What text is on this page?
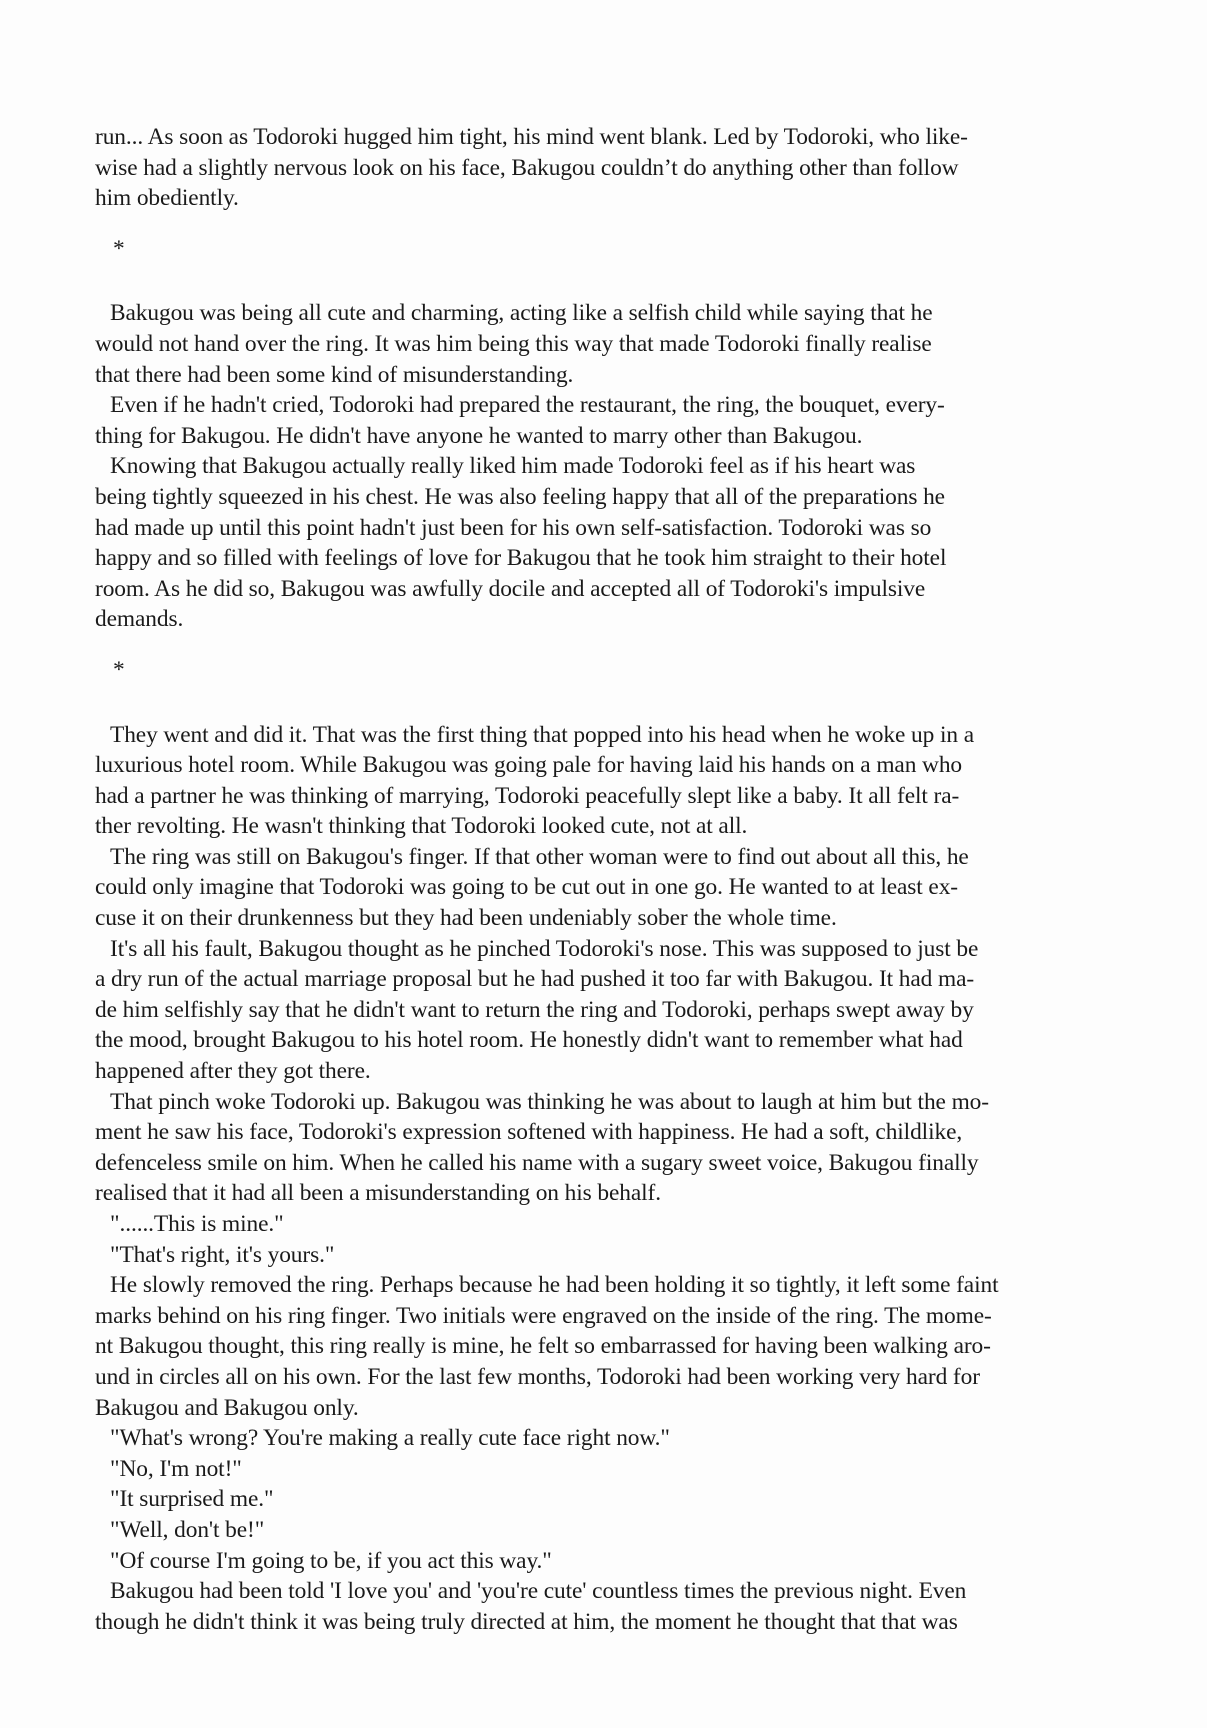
run... As soon as Todoroki hugged him tight, his mind went blank. Led by Todoroki, who like-
wise had a slightly nervous look on his face, Bakugou couldn’t do anything other than follow
him obediently.
*
Bakugou was being all cute and charming, acting like a selfish child while saying that he
would not hand over the ring. It was him being this way that made Todoroki finally realise
that there had been some kind of misunderstanding.
Even if he hadn't cried, Todoroki had prepared the restaurant, the ring, the bouquet, every-
thing for Bakugou. He didn't have anyone he wanted to marry other than Bakugou.
Knowing that Bakugou actually really liked him made Todoroki feel as if his heart was
being tightly squeezed in his chest. He was also feeling happy that all of the preparations he
had made up until this point hadn't just been for his own self-satisfaction. Todoroki was so
happy and so filled with feelings of love for Bakugou that he took him straight to their hotel
room. As he did so, Bakugou was awfully docile and accepted all of Todoroki's impulsive
demands.
*
They went and did it. That was the first thing that popped into his head when he woke up in a
luxurious hotel room. While Bakugou was going pale for having laid his hands on a man who
had a partner he was thinking of marrying, Todoroki peacefully slept like a baby. It all felt ra-
ther revolting. He wasn't thinking that Todoroki looked cute, not at all.
The ring was still on Bakugou's finger. If that other woman were to find out about all this, he
could only imagine that Todoroki was going to be cut out in one go. He wanted to at least ex-
cuse it on their drunkenness but they had been undeniably sober the whole time.
It's all his fault, Bakugou thought as he pinched Todoroki's nose. This was supposed to just be
a dry run of the actual marriage proposal but he had pushed it too far with Bakugou. It had ma-
de him selfishly say that he didn't want to return the ring and Todoroki, perhaps swept away by
the mood, brought Bakugou to his hotel room. He honestly didn't want to remember what had
happened after they got there.
That pinch woke Todoroki up. Bakugou was thinking he was about to laugh at him but the mo-
ment he saw his face, Todoroki's expression softened with happiness. He had a soft, childlike,
defenceless smile on him. When he called his name with a sugary sweet voice, Bakugou finally
realised that it had all been a misunderstanding on his behalf.
"......This is mine."
"That's right, it's yours."
He slowly removed the ring. Perhaps because he had been holding it so tightly, it left some faint
marks behind on his ring finger. Two initials were engraved on the inside of the ring. The mome-
nt Bakugou thought, this ring really is mine, he felt so embarrassed for having been walking aro-
und in circles all on his own. For the last few months, Todoroki had been working very hard for
Bakugou and Bakugou only.
"What's wrong? You're making a really cute face right now."
"No, I'm not!"
"It surprised me."
"Well, don't be!"
"Of course I'm going to be, if you act this way."
Bakugou had been told 'I love you' and 'you're cute' countless times the previous night. Even
though he didn't think it was being truly directed at him, the moment he thought that that was
